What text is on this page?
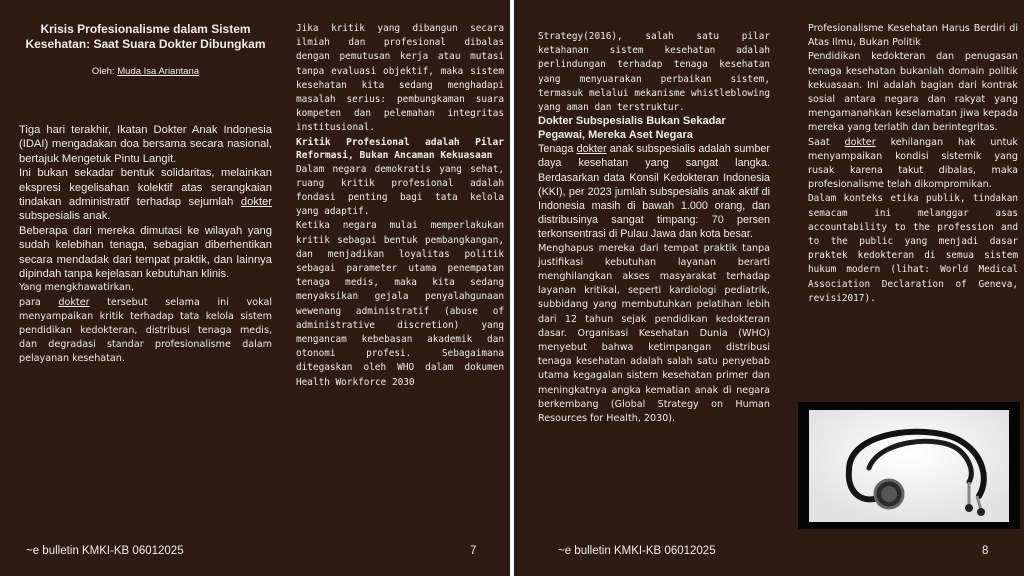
Krisis Profesionalisme dalam Sistem Kesehatan: Saat Suara Dokter Dibungkam
Oleh: Muda Isa Ariantana

Tiga hari terakhir, Ikatan Dokter Anak Indonesia (IDAI) mengadakan doa bersama secara nasional, bertajuk Mengetuk Pintu Langit.

Ini bukan sekadar bentuk solidaritas, melainkan ekspresi kegelisahan kolektif atas serangkaian tindakan administratif terhadap sejumlah dokter subspesialis anak.

Beberapa dari mereka dimutasi ke wilayah yang sudah kelebihan tenaga, sebagian diberhentikan secara mendadak dari tempat praktik, dan lainnya dipindah tanpa kejelasan kebutuhan klinis.

Yang mengkhawatirkan,

para dokter tersebut selama ini vokal menyampaikan kritik terhadap tata kelola sistem pendidikan kedokteran, distribusi tenaga medis, dan degradasi standar profesionalisme dalam pelayanan kesehatan.

Jika kritik yang dibangun secara ilmiah dan profesional dibalas dengan pemutusan kerja atau mutasi tanpa evaluasi objektif, maka sistem kesehatan kita sedang menghadapi masalah serius: pembungkaman suara kompeten dan pelemahan integritas institusional.

Kritik Profesional adalah Pilar Reformasi, Bukan Ancaman Kekuasaan

Dalam negara demokratis yang sehat, ruang kritik profesional adalah fondasi penting bagi tata kelola yang adaptif.

Ketika negara mulai memperlakukan kritik sebagai bentuk pembangkangan, dan menjadikan loyalitas politik sebagai parameter utama penempatan tenaga medis, maka kita sedang menyaksikan gejala penyalahgunaan wewenang administratif (abuse of administrative discretion) yang mengancam kebebasan akademik dan otonomi profesi. Sebagaimana ditegaskan oleh WHO dalam dokumen Health Workforce 2030

~e bulletin KMKI-KB 06012025	7

Strategy(2016), salah satu pilar ketahanan sistem kesehatan adalah perlindungan terhadap tenaga kesehatan yang menyuarakan perbaikan sistem, termasuk melalui mekanisme whistleblowing yang aman dan terstruktur.

Dokter Subspesialis Bukan Sekadar Pegawai, Mereka Aset Negara

Tenaga dokter anak subspesialis adalah sumber daya kesehatan yang sangat langka. Berdasarkan data Konsil Kedokteran Indonesia (KKI), per 2023 jumlah subspesialis anak aktif di Indonesia masih di bawah 1.000 orang, dan distribusinya sangat timpang: 70 persen terkonsentrasi di Pulau Jawa dan kota besar.

Menghapus mereka dari tempat praktik tanpa justifikasi kebutuhan layanan berarti menghilangkan akses masyarakat terhadap layanan kritikal, seperti kardiologi pediatrik, subbidang yang membutuhkan pelatihan lebih dari 12 tahun sejak pendidikan kedokteran dasar. Organisasi Kesehatan Dunia (WHO) menyebut bahwa ketimpangan distribusi tenaga kesehatan adalah salah satu penyebab utama kegagalan sistem kesehatan primer dan meningkatnya angka kematian anak di negara berkembang (Global Strategy on Human Resources for Health, 2030).

Profesionalisme Kesehatan Harus Berdiri di Atas Ilmu, Bukan Politik

Pendidikan kedokteran dan penugasan tenaga kesehatan bukanlah domain politik kekuasaan. Ini adalah bagian dari kontrak sosial antara negara dan rakyat yang mengamanahkan keselamatan jiwa kepada mereka yang terlatih dan berintegritas.

Saat dokter kehilangan hak untuk menyampaikan kondisi sistemik yang rusak karena takut dibalas, maka profesionalisme telah dikompromikan.

Dalam konteks etika publik, tindakan semacam ini melanggar asas accountability to the profession and to the public yang menjadi dasar praktek kedokteran di semua sistem hukum modern (lihat: World Medical Association Declaration of Geneva, revisi2017).

~e bulletin KMKI-KB 06012025	8
